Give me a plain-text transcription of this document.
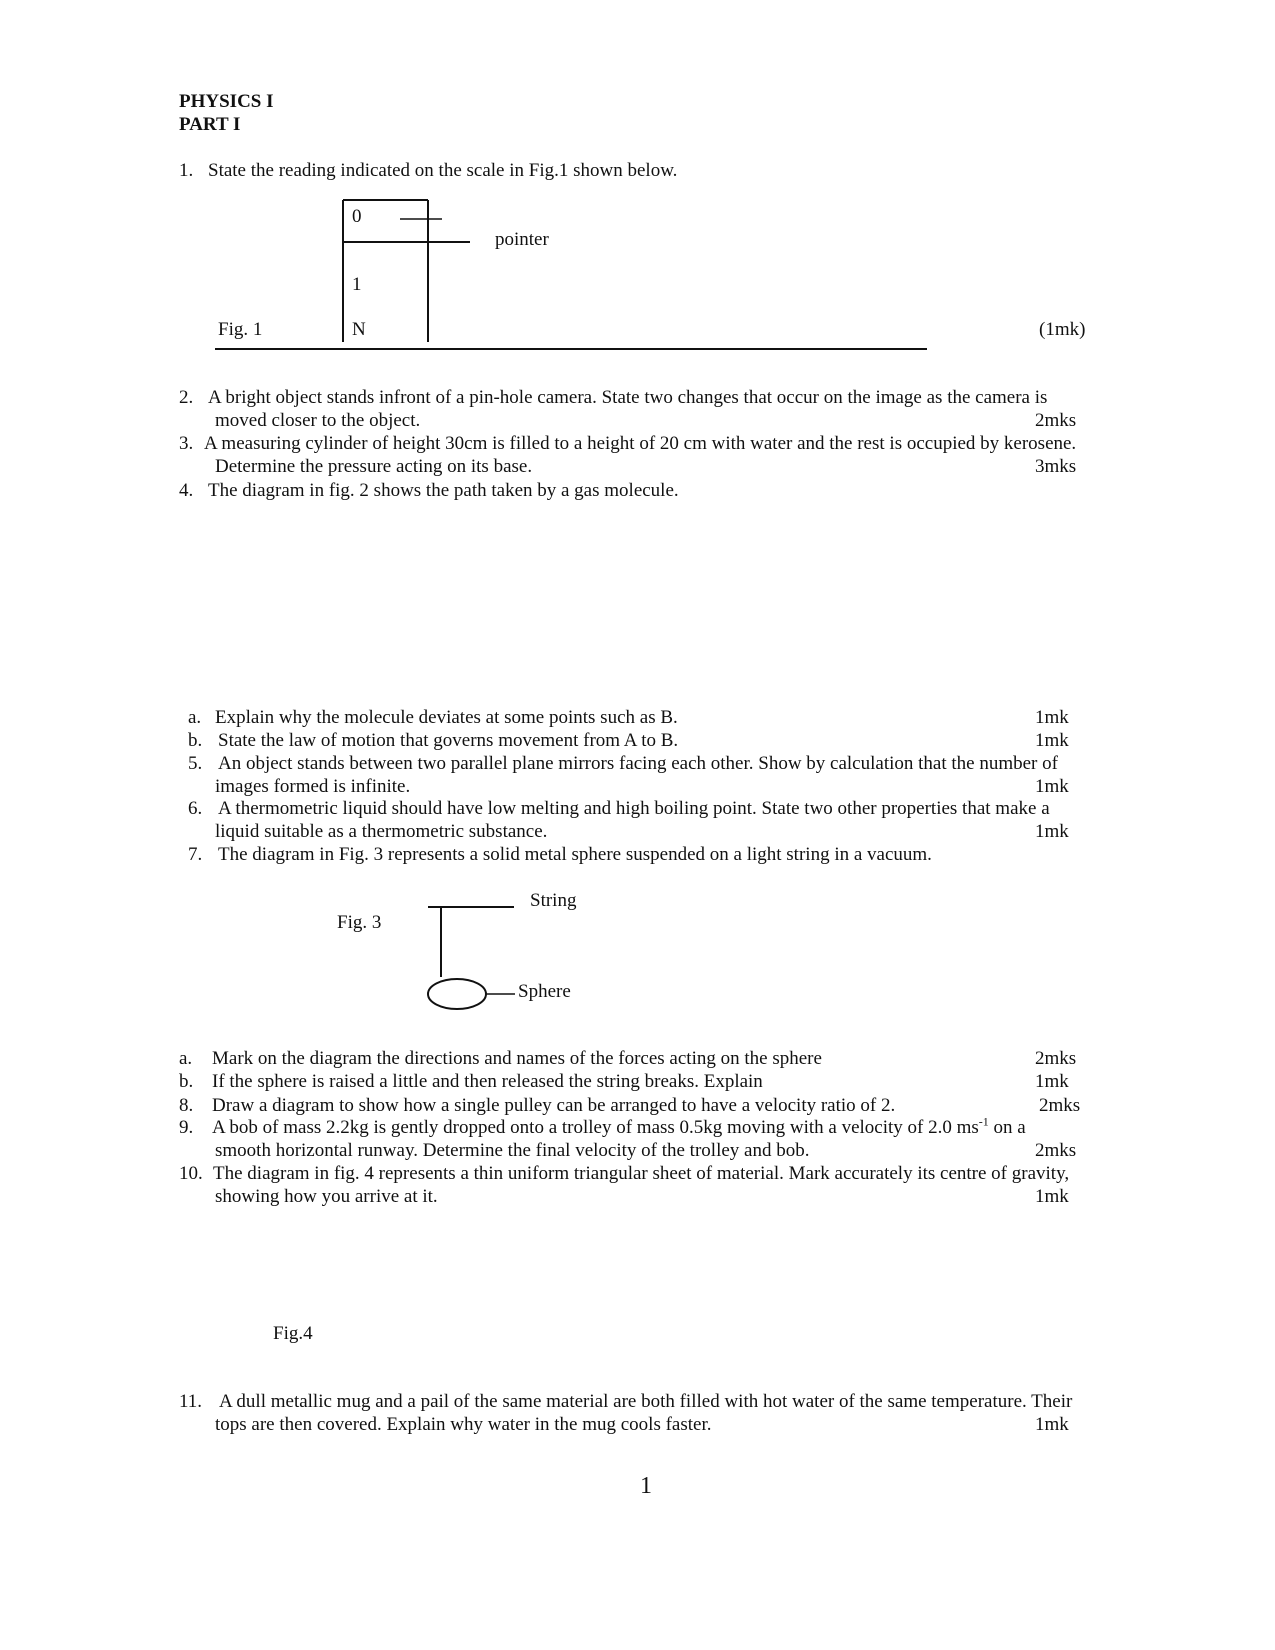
PHYSICS I
PART I
1. State the reading indicated on the scale in Fig.1 shown below.
0
pointer
1
Fig. 1	N	(1mk)
2. A bright object stands infront of a pin-hole camera. State two changes that occur on the image as the camera is
moved closer to the object.	2mks
3. A measuring cylinder of height 30cm is filled to a height of 20 cm with water and the rest is occupied by kerosene.
Determine the pressure acting on its base.	3mks
4. The diagram in fig. 2 shows the path taken by a gas molecule.
a. Explain why the molecule deviates at some points such as B.	1mk
b. State the law of motion that governs movement from A to B.	1mk
5. An object stands between two parallel plane mirrors facing each other. Show by calculation that the number of
images formed is infinite.	1mk
6. A thermometric liquid should have low melting and high boiling point. State two other properties that make a
liquid suitable as a thermometric substance.	1mk
7. The diagram in Fig. 3 represents a solid metal sphere suspended on a light string in a vacuum.
String
Fig. 3
Sphere
a. Mark on the diagram the directions and names of the forces acting on the sphere	2mks
b. If the sphere is raised a little and then released the string breaks. Explain	1mk
8. Draw a diagram to show how a single pulley can be arranged to have a velocity ratio of 2.	2mks
9. A bob of mass 2.2kg is gently dropped onto a trolley of mass 0.5kg moving with a velocity of 2.0 $ms^{-1}$ on a
smooth horizontal runway. Determine the final velocity of the trolley and bob.	2mks
10. The diagram in fig. 4 represents a thin uniform triangular sheet of material. Mark accurately its centre of gravity,
showing how you arrive at it.	1mk
Fig.4
11. A dull metallic mug and a pail of the same material are both filled with hot water of the same temperature. Their
tops are then covered. Explain why water in the mug cools faster.	1mk
1
